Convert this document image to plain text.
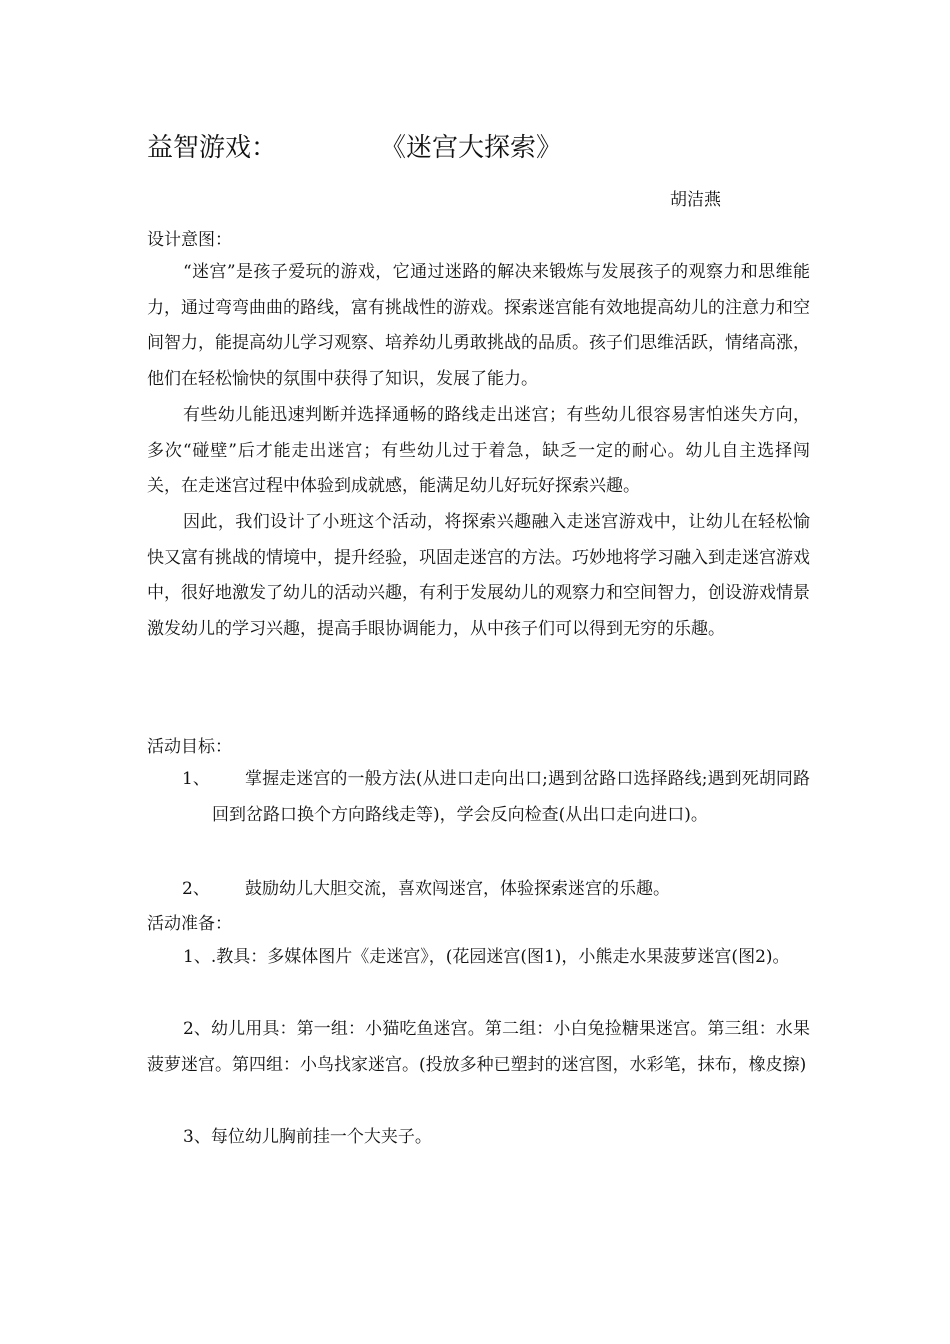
益智游戏：	《迷宫大探索》
胡洁燕
设计意图：
“迷宫”是孩子爱玩的游戏，它通过迷路的解决来锻炼与发展孩子的观察力和思维能力，通过弯弯曲曲的路线，富有挑战性的游戏。探索迷宫能有效地提高幼儿的注意力和空间智力，能提高幼儿学习观察、培养幼儿勇敢挑战的品质。孩子们思维活跃，情绪高涨，他们在轻松愉快的氛围中获得了知识，发展了能力。
有些幼儿能迅速判断并选择通畅的路线走出迷宫；有些幼儿很容易害怕迷失方向，多次“碰壁”后才能走出迷宫；有些幼儿过于着急，缺乏一定的耐心。幼儿自主选择闯关，在走迷宫过程中体验到成就感，能满足幼儿好玩好探索兴趣。
因此，我们设计了小班这个活动，将探索兴趣融入走迷宫游戏中，让幼儿在轻松愉快又富有挑战的情境中，提升经验，巩固走迷宫的方法。巧妙地将学习融入到走迷宫游戏中，很好地激发了幼儿的活动兴趣，有利于发展幼儿的观察力和空间智力，创设游戏情景激发幼儿的学习兴趣，提高手眼协调能力，从中孩子们可以得到无穷的乐趣。
活动目标：
1、	掌握走迷宫的一般方法(从进口走向出口;遇到岔路口选择路线;遇到死胡同路回到岔路口换个方向路线走等)，学会反向检查(从出口走向进口)。
2、	鼓励幼儿大胆交流，喜欢闯迷宫，体验探索迷宫的乐趣。
活动准备：
1、.教具：多媒体图片《走迷宫》，(花园迷宫(图1)，小熊走水果菠萝迷宫(图2)。
2、幼儿用具：第一组：小猫吃鱼迷宫。第二组：小白兔捡糖果迷宫。第三组：水果菠萝迷宫。第四组：小鸟找家迷宫。(投放多种已塑封的迷宫图，水彩笔，抹布，橡皮擦)
3、每位幼儿胸前挂一个大夹子。
